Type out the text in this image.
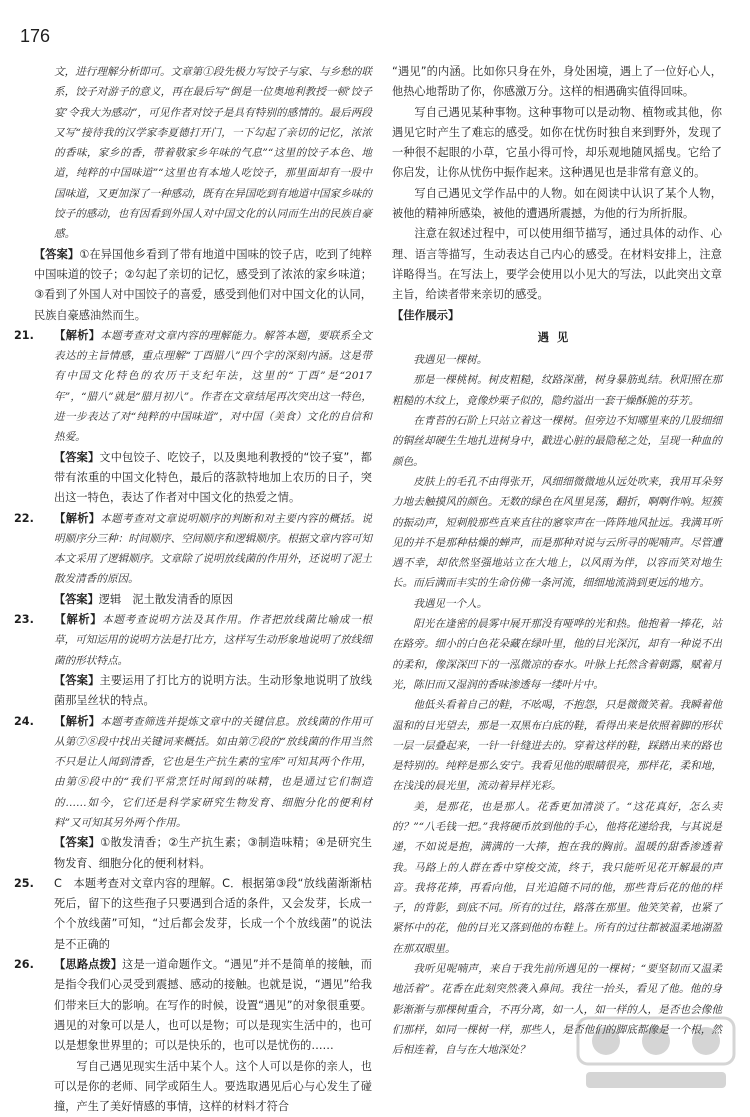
176

文，进行理解分析即可。文章第①段先极力写饺子与家、与乡愁的联系，饺子对游子的意义，再在最后写“倒是一位奥地利教授一顿‘饺子宴’令我大为感动”，可见作者对饺子是具有特别的感情的。最后两段又写“接待我的汉学家李夏德打开门，一下勾起了亲切的记忆，浓浓的香味，家乡的香，带着敬家乡年味的气息”“这里的饺子本色、地道，纯粹的中国味道”“这里也有本地人吃饺子，那里面却有一股中国味道，又更加深了一种感动，既有在异国吃到有地道中国家乡味的饺子的感动，也有因看到外国人对中国文化的认同而生出的民族自豪感。

【答案】①在异国他乡看到了带有地道中国味的饺子店，吃到了纯粹中国味道的饺子；②勾起了亲切的记忆，感受到了浓浓的家乡味道；③看到了外国人对中国饺子的喜爱，感受到他们对中国文化的认同，民族自豪感油然而生。

21. 【解析】本题考查对文章内容的理解能力。解答本题，要联系全文表达的主旨情感，重点理解“丁酉腊八”四个字的深刻内涵。这是带有中国文化特色的农历干支纪年法，这里的“丁酉”是“2017年”，“腊八”就是“腊月初八”。作者在文章结尾再次突出这一特色，进一步表达了对“纯粹的中国味道”，对中国（美食）文化的自信和热爱。

【答案】文中包饺子、吃饺子，以及奥地利教授的“饺子宴”，都带有浓重的中国文化特色，最后的落款特地加上农历的日子，突出这一特色，表达了作者对中国文化的热爱之情。

22. 【解析】本题考查对文章说明顺序的判断和对主要内容的概括。说明顺序分三种：时间顺序、空间顺序和逻辑顺序。根据文章内容可知本文采用了逻辑顺序。文章除了说明放线菌的作用外，还说明了泥土散发清香的原因。

【答案】逻辑　泥土散发清香的原因

23. 【解析】本题考查说明方法及其作用。作者把放线菌比喻成一根草，可知运用的说明方法是打比方，这样写生动形象地说明了放线细菌的形状特点。

【答案】主要运用了打比方的说明方法。生动形象地说明了放线菌那呈丝状的特点。

24. 【解析】本题考查筛选并提炼文章中的关键信息。放线菌的作用可从第⑦⑧段中找出关键词来概括。如由第⑦段的“放线菌的作用当然不只是让人闻到清香，它也是生产抗生素的宝库”可知其两个作用，由第⑧段中的“我们平常烹饪时闻到的味精，也是通过它们制造的……如今，它们还是科学家研究生物发育、细胞分化的便利材料”又可知其另外两个作用。

【答案】①散发清香；②生产抗生素；③制造味精；④是研究生物发育、细胞分化的便利材料。

25. C　本题考查对文章内容的理解。C．根据第③段“放线菌渐渐枯死后，留下的这些孢子只要遇到合适的条件，又会发芽，长成一个个放线菌”可知，“过后都会发芽，长成一个个放线菌”的说法是不正确的

26. 【思路点拨】这是一道命题作文。“遇见”并不是简单的接触，而是指令我们心灵受到震撼、感动的接触。也就是说，“遇见”给我们带来巨大的影响。在写作的时候，设置“遇见”的对象很重要。遇见的对象可以是人，也可以是物；可以是现实生活中的，也可以是想象世界里的；可以是快乐的，也可以是忧伤的……

写自己遇见现实生活中某个人。这个人可以是你的亲人，也可以是你的老师、同学或陌生人。要选取遇见后心与心发生了碰撞，产生了美好情感的事情，这样的材料才符合

“遇见”的内涵。比如你只身在外，身处困境，遇上了一位好心人，他热心地帮助了你，你感激万分。这样的相遇确实值得回味。

写自己遇见某种事物。这种事物可以是动物、植物或其他，你遇见它时产生了难忘的感受。如你在忧伤时独自来到野外，发现了一种很不起眼的小草，它虽小得可怜，却乐观地随风摇曳。它给了你启发，让你从忧伤中振作起来。这种遇见也是非常有意义的。

写自己遇见文学作品中的人物。如在阅读中认识了某个人物，被他的精神所感染，被他的遭遇所震撼，为他的行为所折服。

注意在叙述过程中，可以使用细节描写，通过具体的动作、心理、语言等描写，生动表达自己内心的感受。在材料安排上，注意详略得当。在写法上，要学会使用以小见大的写法，以此突出文章主旨，给读者带来亲切的感受。

【佳作展示】

遇见

我遇见一棵树。

那是一棵桃树。树皮粗糙，纹路深凿，树身暴筋虬结。秋阳照在那粗糙的木纹上，竟像炒栗子似的，隐约溢出一套干燥酥脆的芬芳。

在青苔的石阶上只站立着这一棵树。但旁边不知哪里来的几股细细的铜丝却硬生生地扎进树身中，戳进心脏的最隐秘之处，呈现一种血的颜色。

皮肤上的毛孔不由得张开，风细细微微地从远处吹来，我用耳朵努力地去触摸风的颜色。无数的绿色在风里晃荡，翻折，啊啊作响。短簇的振动声，短刺般那些直来直往的窸窣声在一阵阵地风扯远。我满耳听见的并不是那种枯燥的蝉声，而是那种对说与云所寻的呢喃声。尽管遭遇不幸，却依然坚强地站立在大地上，以风雨为伴，以容而笑对地生长。而后满而丰实的生命仿佛一条河流，细细地流淌到更远的地方。

我遇见一个人。

阳光在逢密的晨雾中展开那没有哑哗的光和热。他抱着一捧花，站在路旁。细小的白色花朵藏在绿叶里，他的目光深沉，却有一种说不出的柔和，像深深凹下的一泓微凉的春水。叶脉上托然含着朝露，赋着月光，陈旧而又湿润的香味渗透每一缕叶片中。

他低头看着自己的鞋，不吆喝，不抱怨，只是微微笑着。我瞬着他温和的目光望去，那是一双黑布白底的鞋，看得出来是依照着脚的形状一层一层叠起来，一针一针缝进去的。穿着这样的鞋，踩踏出来的路也是特别的。纯粹是那么安宁。我看见他的眼睛很亮，那样花，柔和地，在浅浅的晨光里，流动着异样光彩。

美，是那花，也是那人。花香更加清淡了。“这花真好，怎么卖的？”“八毛钱一把。”我将硬币放到他的手心，他将花递给我，与其说是递，不如说是抱，满满的一大捧，抱在我的胸前。温暖的甜香渗透着我。马路上的人群在香中穿梭交流，终于，我只能听见花开解最的声音。我将花捧，再看向他，目光追随不同的他，那些背后花的他的样子，的背影，到底不同。所有的过往，路落在那里。他笑笑着，也紧了紧怀中的花，他的目光又落到他的布鞋上。所有的过往都被温柔地湖盈在那双眼里。

我听见呢喃声，来自于我先前所遇见的一棵树；“要坚韧而又温柔地活着”。花香在此刻突然袭入鼻间。我往一抬头，看见了他。他的身影渐渐与那棵树重合，不再分离，如一人，如一样的人，是否也会像他们那样，如同一棵树一样，那些人，是否他们的脚底都像是一个根，然后相连着，自与在大地深处？
